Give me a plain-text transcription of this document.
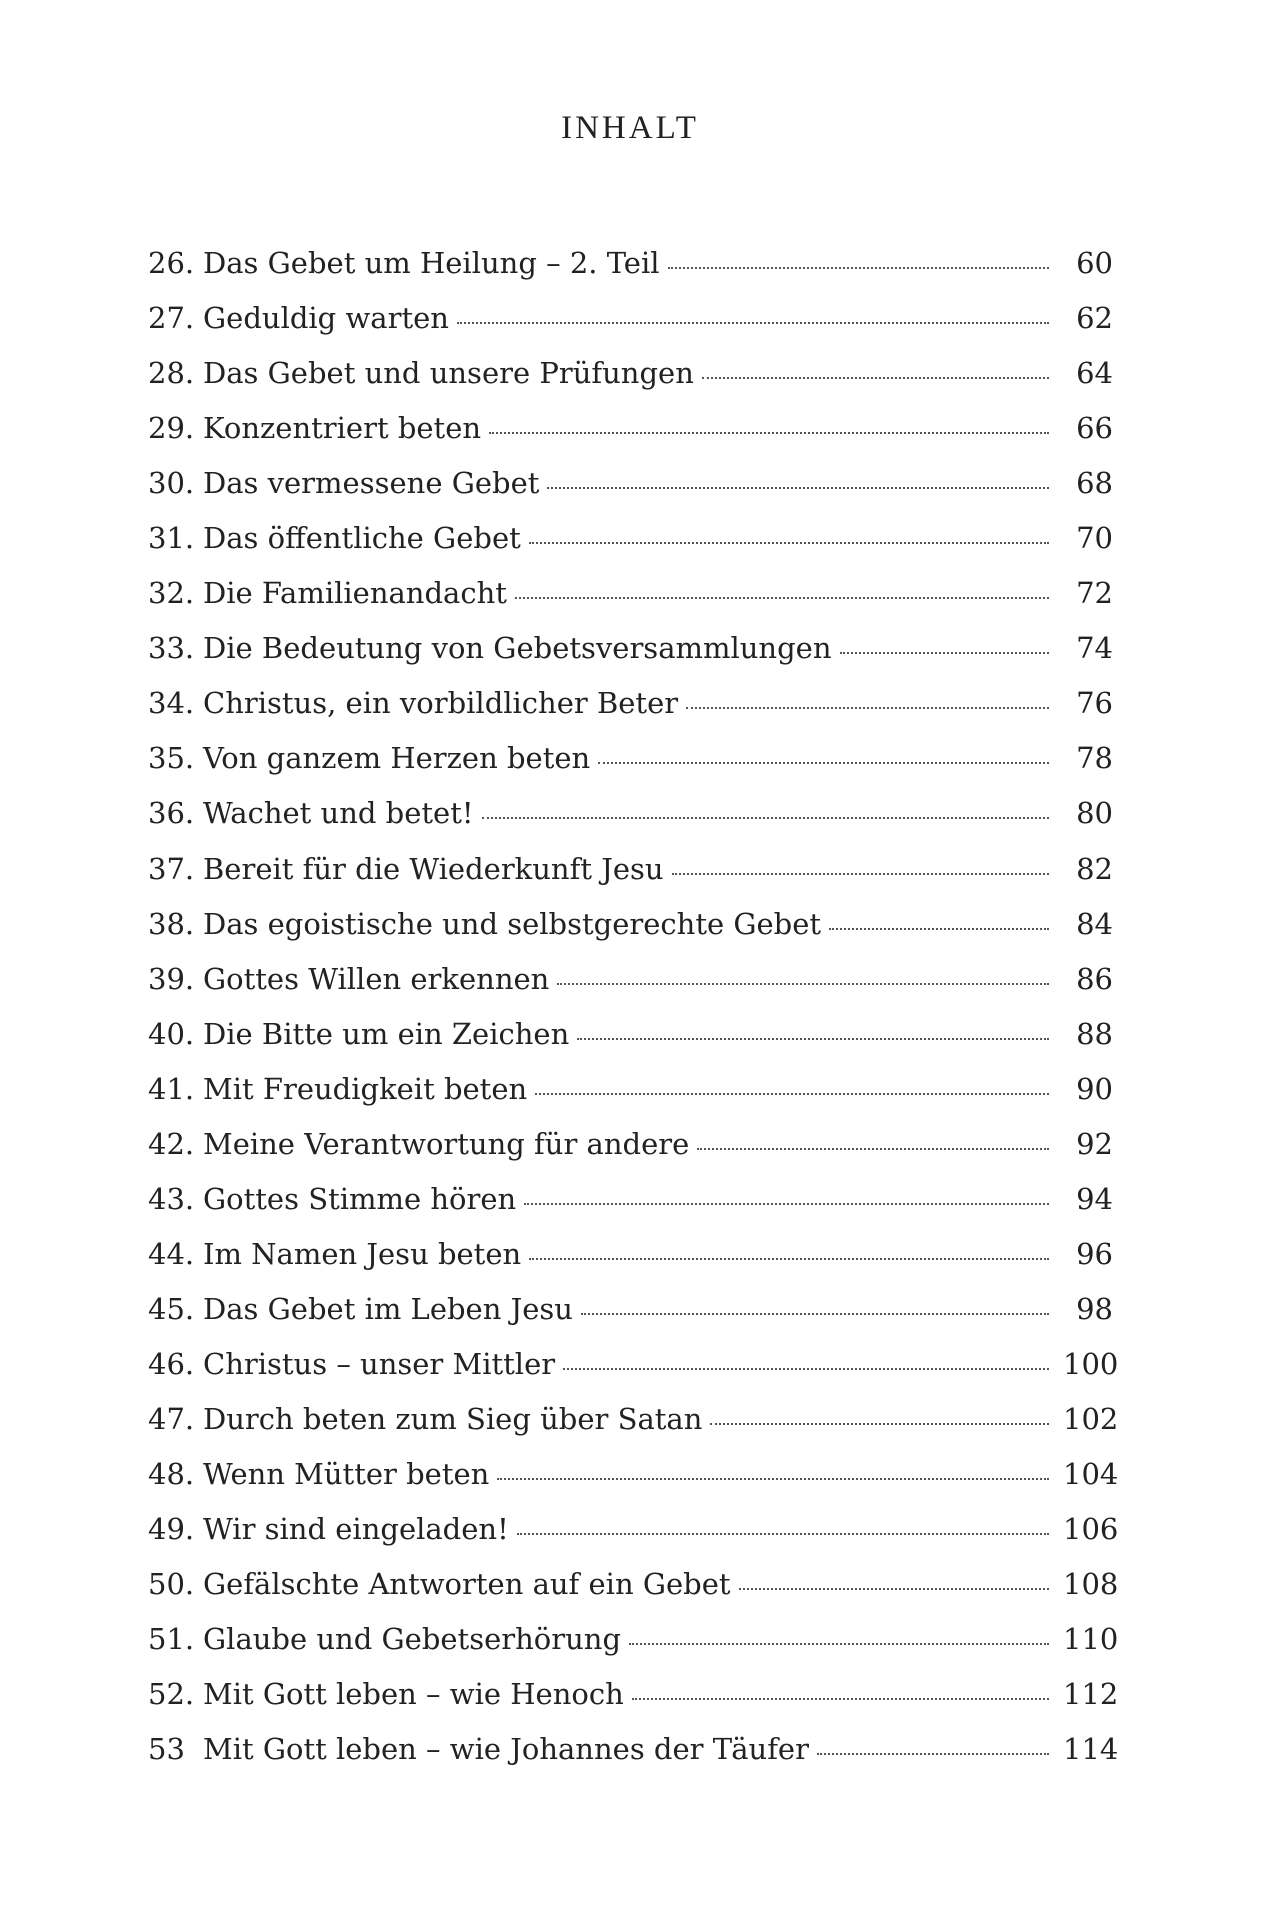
INHALT
26. Das Gebet um Heilung – 2. Teil	60
27. Geduldig warten	62
28. Das Gebet und unsere Prüfungen	64
29. Konzentriert beten	66
30. Das vermessene Gebet	68
31. Das öffentliche Gebet	70
32. Die Familienandacht	72
33. Die Bedeutung von Gebetsversammlungen	74
34. Christus, ein vorbildlicher Beter	76
35. Von ganzem Herzen beten	78
36. Wachet und betet!	80
37. Bereit für die Wiederkunft Jesu	82
38. Das egoistische und selbstgerechte Gebet	84
39. Gottes Willen erkennen	86
40. Die Bitte um ein Zeichen	88
41. Mit Freudigkeit beten	90
42. Meine Verantwortung für andere	92
43. Gottes Stimme hören	94
44. Im Namen Jesu beten	96
45. Das Gebet im Leben Jesu	98
46. Christus – unser Mittler	100
47. Durch beten zum Sieg über Satan	102
48. Wenn Mütter beten	104
49. Wir sind eingeladen!	106
50. Gefälschte Antworten auf ein Gebet	108
51. Glaube und Gebetserhörung	110
52. Mit Gott leben – wie Henoch	112
53 Mit Gott leben – wie Johannes der Täufer	114
